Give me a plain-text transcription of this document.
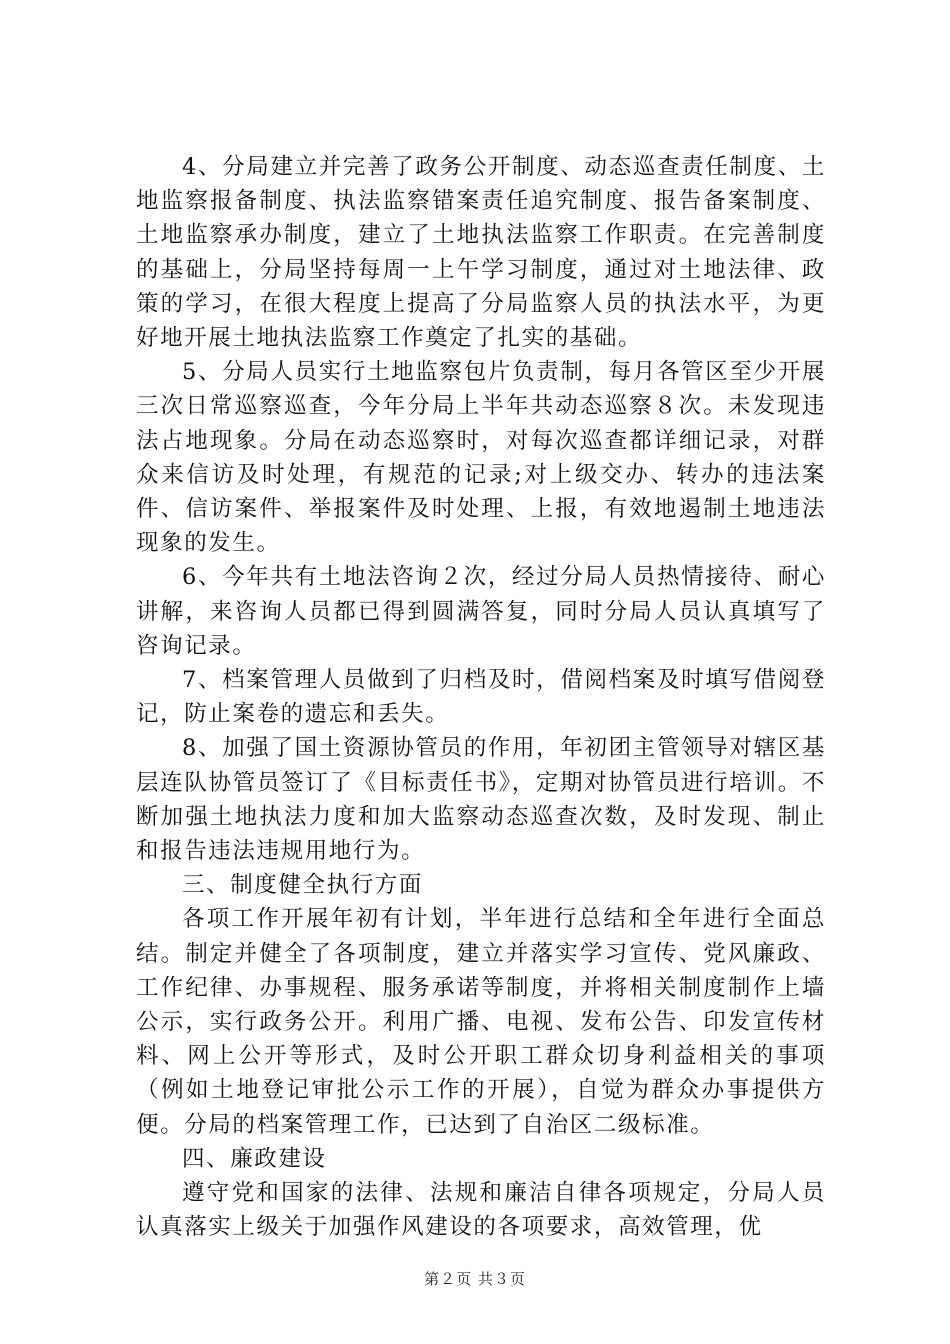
4、分局建立并完善了政务公开制度、动态巡查责任制度、土地监察报备制度、执法监察错案责任追究制度、报告备案制度、土地监察承办制度，建立了土地执法监察工作职责。在完善制度的基础上，分局坚持每周一上午学习制度，通过对土地法律、政策的学习，在很大程度上提高了分局监察人员的执法水平，为更好地开展土地执法监察工作奠定了扎实的基础。

5、分局人员实行土地监察包片负责制，每月各管区至少开展三次日常巡察巡查，今年分局上半年共动态巡察８次。未发现违法占地现象。分局在动态巡察时，对每次巡查都详细记录，对群众来信访及时处理，有规范的记录;对上级交办、转办的违法案件、信访案件、举报案件及时处理、上报，有效地遏制土地违法现象的发生。

6、今年共有土地法咨询２次，经过分局人员热情接待、耐心讲解，来咨询人员都已得到圆满答复，同时分局人员认真填写了咨询记录。

7、档案管理人员做到了归档及时，借阅档案及时填写借阅登记，防止案卷的遗忘和丢失。

8、加强了国土资源协管员的作用，年初团主管领导对辖区基层连队协管员签订了《目标责任书》，定期对协管员进行培训。不断加强土地执法力度和加大监察动态巡查次数，及时发现、制止和报告违法违规用地行为。

三、制度健全执行方面

各项工作开展年初有计划，半年进行总结和全年进行全面总结。制定并健全了各项制度，建立并落实学习宣传、党风廉政、工作纪律、办事规程、服务承诺等制度，并将相关制度制作上墙公示，实行政务公开。利用广播、电视、发布公告、印发宣传材料、网上公开等形式，及时公开职工群众切身利益相关的事项（例如土地登记审批公示工作的开展），自觉为群众办事提供方便。分局的档案管理工作，已达到了自治区二级标准。

四、廉政建设

遵守党和国家的法律、法规和廉洁自律各项规定，分局人员认真落实上级关于加强作风建设的各项要求，高效管理，优

第２页 共３页
